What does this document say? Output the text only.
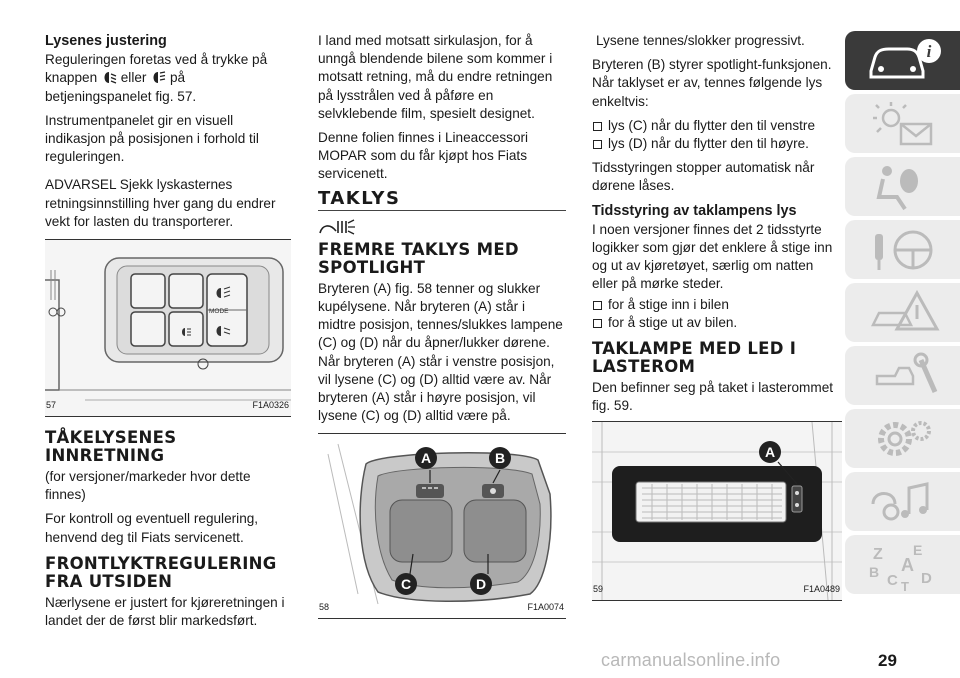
Lysenes justering

Reguleringen foretas ved å trykke på knappen eller på betjeningspanelet fig. 57.

Instrumentpanelet gir en visuell indikasjon på posisjonen i forhold til reguleringen.

ADVARSEL Sjekk lyskasternes retningsinnstilling hver gang du endrer vekt for lasten du transporterer.

MODE
57	F1A0326
TÅKELYSENES INNRETNING

(for versjoner/markeder hvor dette finnes)

For kontroll og eventuell regulering, henvend deg til Fiats servicenett.

FRONTLYKTREGULERING FRA UTSIDEN

Nærlysene er justert for kjøreretningen i landet der de først blir markedsført.

I land med motsatt sirkulasjon, for å unngå blendende bilene som kommer i motsatt retning, må du endre retningen på lysstrålen ved å påføre en selvklebende film, spesielt designet.

Denne folien finnes i Lineaccessori MOPAR som du får kjøpt hos Fiats servicenett.

TAKLYS
FREMRE TAKLYS MED SPOTLIGHT

Bryteren (A) fig. 58 tenner og slukker kupélysene. Når bryteren (A) står i midtre posisjon, tennes/slukkes lampene (C) og (D) når du åpner/lukker dørene. Når bryteren (A) står i venstre posisjon, vil lysene (C) og (D) alltid være av. Når bryteren (A) står i høyre posisjon, vil lysene (C) og (D) alltid være på.

A	B
C	D
58	F1A0074

Lysene tennes/slokker progressivt.

Bryteren (B) styrer spotlight-funksjonen. Når taklyset er av, tennes følgende lys enkeltvis:

lys (C) når du flytter den til venstre
lys (D) når du flytter den til høyre.

Tidsstyringen stopper automatisk når dørene låses.

Tidsstyring av taklampens lys

I noen versjoner finnes det 2 tidsstyrte logikker som gjør det enklere å stige inn og ut av kjøretøyet, særlig om natten eller på mørke steder.

for å stige inn i bilen
for å stige ut av bilen.
TAKLAMPE MED LED I LASTEROM

Den befinner seg på taket i lasterommet fig. 59.

A
59	F1A0489
i
Z E
A
B C T D
29
carmanualsonline.info
